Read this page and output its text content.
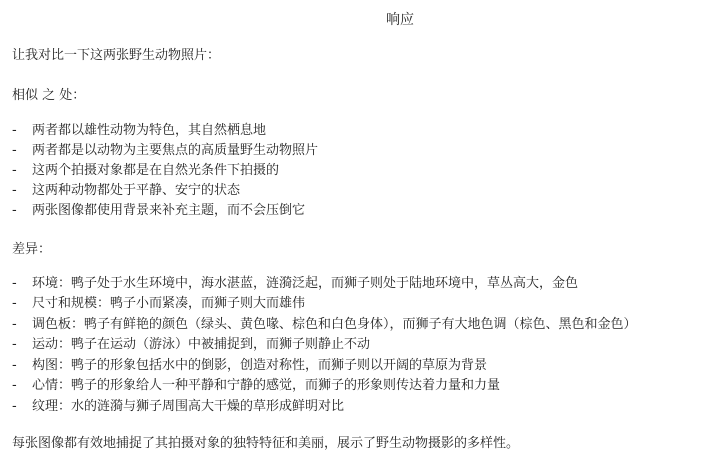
响应
让我对比一下这两张野生动物照片：
相似 之 处：
- 两者都以雄性动物为特色，其自然栖息地
- 两者都是以动物为主要焦点的高质量野生动物照片
- 这两个拍摄对象都是在自然光条件下拍摄的
- 这两种动物都处于平静、安宁的状态
- 两张图像都使用背景来补充主题，而不会压倒它
差异：
- 环境：鸭子处于水生环境中，海水湛蓝，涟漪泛起，而狮子则处于陆地环境中，草丛高大，金色
- 尺寸和规模：鸭子小而紧凑，而狮子则大而雄伟
- 调色板：鸭子有鲜艳的颜色（绿头、黄色喙、棕色和白色身体），而狮子有大地色调（棕色、黑色和金色）
- 运动：鸭子在运动（游泳）中被捕捉到，而狮子则静止不动
- 构图：鸭子的形象包括水中的倒影，创造对称性，而狮子则以开阔的草原为背景
- 心情：鸭子的形象给人一种平静和宁静的感觉，而狮子的形象则传达着力量和力量
- 纹理：水的涟漪与狮子周围高大干燥的草形成鲜明对比
每张图像都有效地捕捉了其拍摄对象的独特特征和美丽，展示了野生动物摄影的多样性。
